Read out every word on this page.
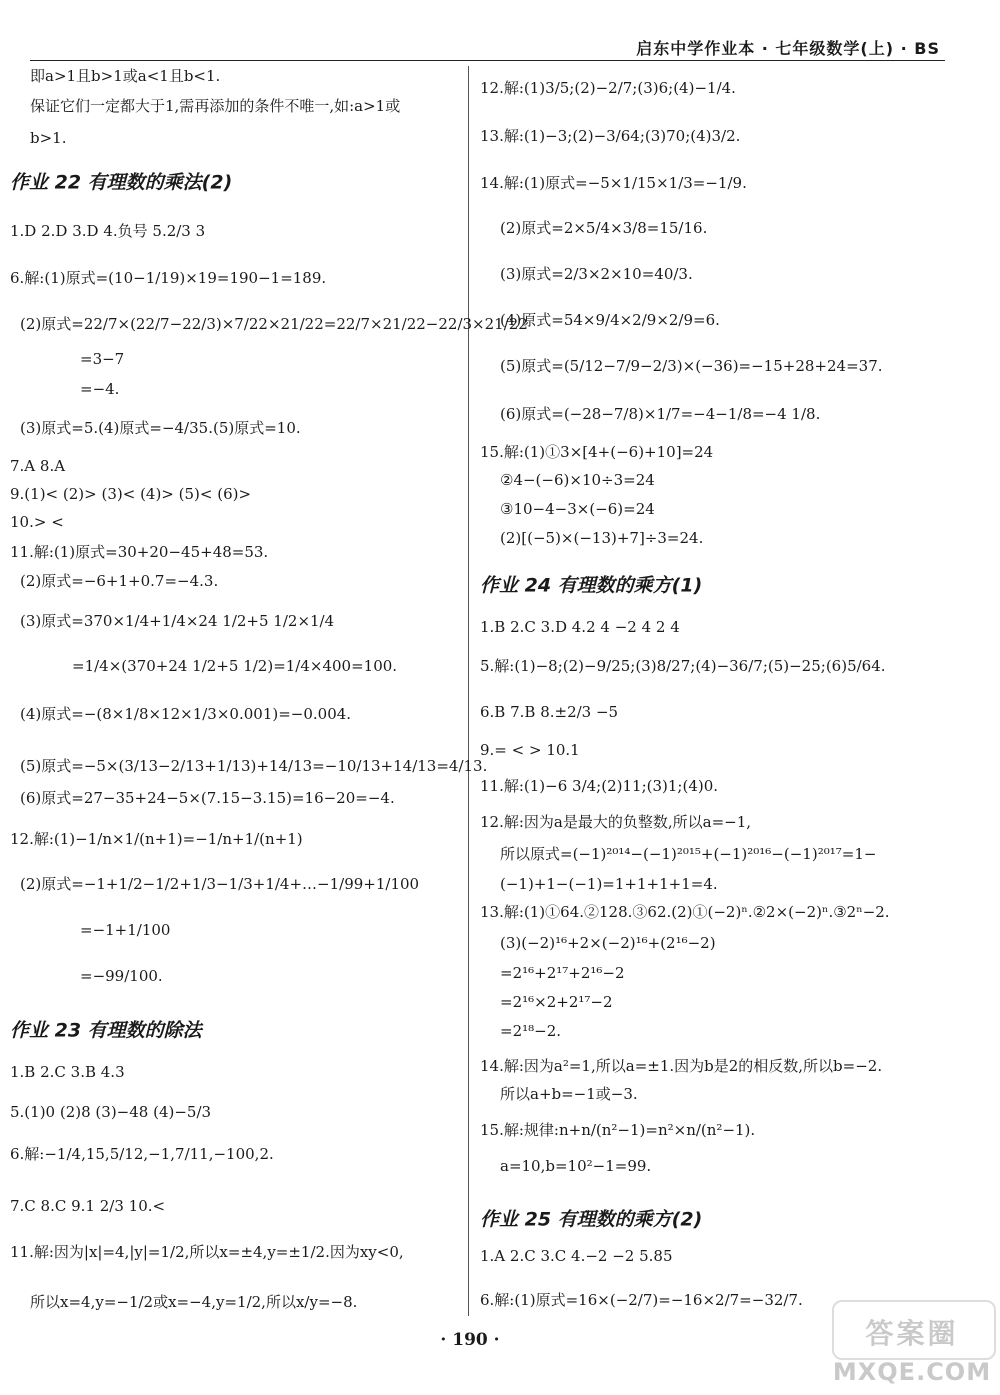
启东中学作业本 · 七年级数学(上) · BS
即a>1且b>1或a<1且b<1.
保证它们一定都大于1,需再添加的条件不唯一,如:a>1或
b>1.
作业 22 有理数的乘法(2)
1.D 2.D 3.D 4.负号 5.2/3 3
6.解:(1)原式=(10−1/19)×19=190−1=189.
(2)原式=22/7×(22/7−22/3)×7/22×21/22=22/7×21/22−22/3×21/22
=3−7
=−4.
(3)原式=5.(4)原式=−4/35.(5)原式=10.
7.A 8.A
9.(1)< (2)> (3)< (4)> (5)< (6)>
10.> <
11.解:(1)原式=30+20−45+48=53.
(2)原式=−6+1+0.7=−4.3.
(3)原式=370×1/4+1/4×24 1/2+5 1/2×1/4
=1/4×(370+24 1/2+5 1/2)=1/4×400=100.
(4)原式=−(8×1/8×12×1/3×0.001)=−0.004.
(5)原式=−5×(3/13−2/13+1/13)+14/13=−10/13+14/13=4/13.
(6)原式=27−35+24−5×(7.15−3.15)=16−20=−4.
12.解:(1)−1/n×1/(n+1)=−1/n+1/(n+1)
(2)原式=−1+1/2−1/2+1/3−1/3+1/4+…−1/99+1/100
=−1+1/100
=−99/100.
作业 23 有理数的除法
1.B 2.C 3.B 4.3
5.(1)0 (2)8 (3)−48 (4)−5/3
6.解:−1/4,15,5/12,−1,7/11,−100,2.
7.C 8.C 9.1 2/3 10.<
11.解:因为|x|=4,|y|=1/2,所以x=±4,y=±1/2.因为xy<0,
所以x=4,y=−1/2或x=−4,y=1/2,所以x/y=−8.
12.解:(1)3/5;(2)−2/7;(3)6;(4)−1/4.
13.解:(1)−3;(2)−3/64;(3)70;(4)3/2.
14.解:(1)原式=−5×1/15×1/3=−1/9.
(2)原式=2×5/4×3/8=15/16.
(3)原式=2/3×2×10=40/3.
(4)原式=54×9/4×2/9×2/9=6.
(5)原式=(5/12−7/9−2/3)×(−36)=−15+28+24=37.
(6)原式=(−28−7/8)×1/7=−4−1/8=−4 1/8.
15.解:(1)①3×[4+(−6)+10]=24
②4−(−6)×10÷3=24
③10−4−3×(−6)=24
(2)[(−5)×(−13)+7]÷3=24.
作业 24 有理数的乘方(1)
1.B 2.C 3.D 4.2 4 −2 4 2 4
5.解:(1)−8;(2)−9/25;(3)8/27;(4)−36/7;(5)−25;(6)5/64.
6.B 7.B 8.±2/3 −5
9.= < > 10.1
11.解:(1)−6 3/4;(2)11;(3)1;(4)0.
12.解:因为a是最大的负整数,所以a=−1,
所以原式=(−1)²⁰¹⁴−(−1)²⁰¹⁵+(−1)²⁰¹⁶−(−1)²⁰¹⁷=1−
(−1)+1−(−1)=1+1+1+1=4.
13.解:(1)①64.②128.③62.(2)①(−2)ⁿ.②2×(−2)ⁿ.③2ⁿ−2.
(3)(−2)¹⁶+2×(−2)¹⁶+(2¹⁶−2)
=2¹⁶+2¹⁷+2¹⁶−2
=2¹⁶×2+2¹⁷−2
=2¹⁸−2.
14.解:因为a²=1,所以a=±1.因为b是2的相反数,所以b=−2.
所以a+b=−1或−3.
15.解:规律:n+n/(n²−1)=n²×n/(n²−1).
a=10,b=10²−1=99.
作业 25 有理数的乘方(2)
1.A 2.C 3.C 4.−2 −2 5.85
6.解:(1)原式=16×(−2/7)=−16×2/7=−32/7.
· 190 ·	答案圈
MXQE.COM
